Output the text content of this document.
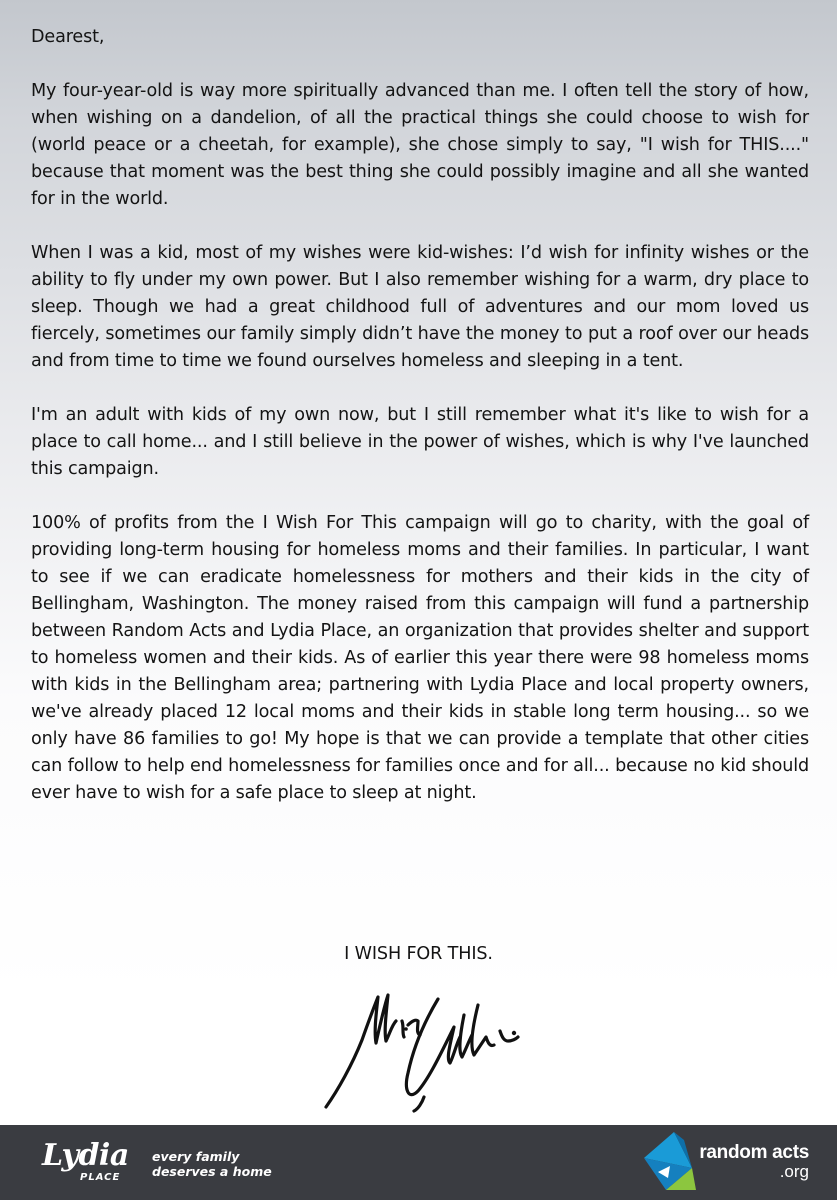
Dearest,

My four-year-old is way more spiritually advanced than me. I often tell the story of how, when wishing on a dandelion, of all the practical things she could choose to wish for (world peace or a cheetah, for example), she chose simply to say, "I wish for THIS...." because that moment was the best thing she could possibly imagine and all she wanted for in the world.

When I was a kid, most of my wishes were kid-wishes: I’d wish for infinity wishes or the ability to fly under my own power. But I also remember wishing for a warm, dry place to sleep. Though we had a great childhood full of adventures and our mom loved us fiercely, sometimes our family simply didn’t have the money to put a roof over our heads and from time to time we found ourselves homeless and sleeping in a tent.

I'm an adult with kids of my own now, but I still remember what it's like to wish for a place to call home... and I still believe in the power of wishes, which is why I've launched this campaign.

100% of profits from the I Wish For This campaign will go to charity, with the goal of providing long-term housing for homeless moms and their families. In particular, I want to see if we can eradicate homelessness for mothers and their kids in the city of Bellingham, Washington. The money raised from this campaign will fund a partnership between Random Acts and Lydia Place, an organization that provides shelter and support to homeless women and their kids. As of earlier this year there were 98 homeless moms with kids in the Bellingham area; partnering with Lydia Place and local property owners, we've already placed 12 local moms and their kids in stable long term housing... so we only have 86 families to go! My hope is that we can provide a template that other cities can follow to help end homelessness for families once and for all... because no kid should ever have to wish for a safe place to sleep at night.

I WISH FOR THIS.
Lydia
PLACE
every family
deserves a home
random acts
.org
